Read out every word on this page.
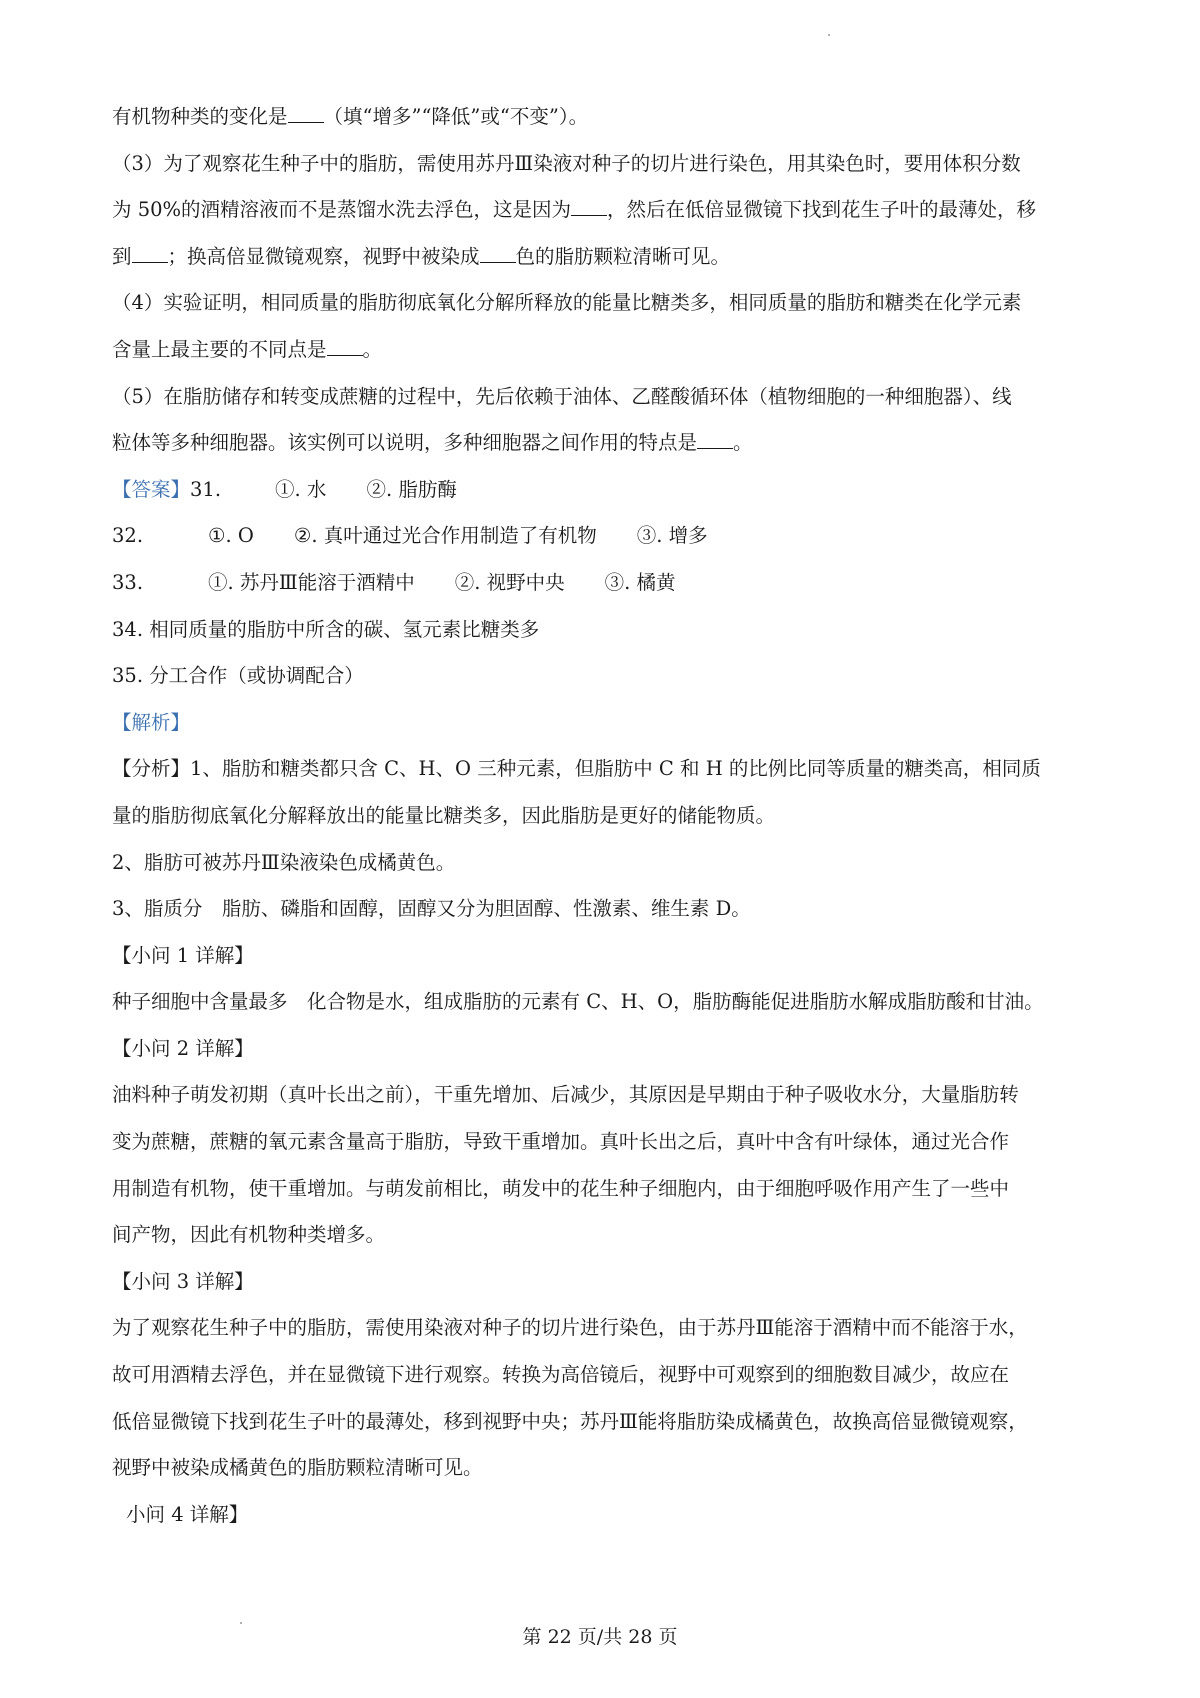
有机物种类的变化是 （填“增多”“降低”或“不变”）。
（3）为了观察花生种子中的脂肪，需使用苏丹Ⅲ染液对种子的切片进行染色，用其染色时，要用体积分数
为 50%的酒精溶液而不是蒸馏水洗去浮色，这是因为 ，然后在低倍显微镜下找到花生子叶的最薄处，移
到 ；换高倍显微镜观察，视野中被染成 色的脂肪颗粒清晰可见。
（4）实验证明，相同质量的脂肪彻底氧化分解所释放的能量比糖类多，相同质量的脂肪和糖类在化学元素
含量上最主要的不同点是 。
（5）在脂肪储存和转变成蔗糖的过程中，先后依赖于油体、乙醛酸循环体（植物细胞的一种细胞器）、线
粒体等多种细胞器。该实例可以说明，多种细胞器之间作用的特点是 。
【答案】31.	①. 水 ②. 脂肪酶
32.	①. O ②. 真叶通过光合作用制造了有机物 ③. 增多
33.	①. 苏丹Ⅲ能溶于酒精中 ②. 视野中央 ③. 橘黄
34. 相同质量的脂肪中所含的碳、氢元素比糖类多
35. 分工合作（或协调配合）
【解析】
【分析】1、脂肪和糖类都只含 C、H、O 三种元素，但脂肪中 C 和 H 的比例比同等质量的糖类高，相同质
量的脂肪彻底氧化分解释放出的能量比糖类多，因此脂肪是更好的储能物质。
2、脂肪可被苏丹Ⅲ染液染色成橘黄色。
3、脂质分　脂肪、磷脂和固醇，固醇又分为胆固醇、性激素、维生素 D。
【小问 1 详解】
种子细胞中含量最多　化合物是水，组成脂肪的元素有 C、H、O，脂肪酶能促进脂肪水解成脂肪酸和甘油。
【小问 2 详解】
油料种子萌发初期（真叶长出之前），干重先增加、后减少，其原因是早期由于种子吸收水分，大量脂肪转
变为蔗糖，蔗糖的氧元素含量高于脂肪，导致干重增加。真叶长出之后，真叶中含有叶绿体，通过光合作
用制造有机物，使干重增加。与萌发前相比，萌发中的花生种子细胞内，由于细胞呼吸作用产生了一些中
间产物，因此有机物种类增多。
【小问 3 详解】
为了观察花生种子中的脂肪，需使用染液对种子的切片进行染色，由于苏丹Ⅲ能溶于酒精中而不能溶于水，
故可用酒精去浮色，并在显微镜下进行观察。转换为高倍镜后，视野中可观察到的细胞数目减少，故应在
低倍显微镜下找到花生子叶的最薄处，移到视野中央；苏丹Ⅲ能将脂肪染成橘黄色，故换高倍显微镜观察，
视野中被染成橘黄色的脂肪颗粒清晰可见。
小问 4 详解】
第 22 页/共 28 页
